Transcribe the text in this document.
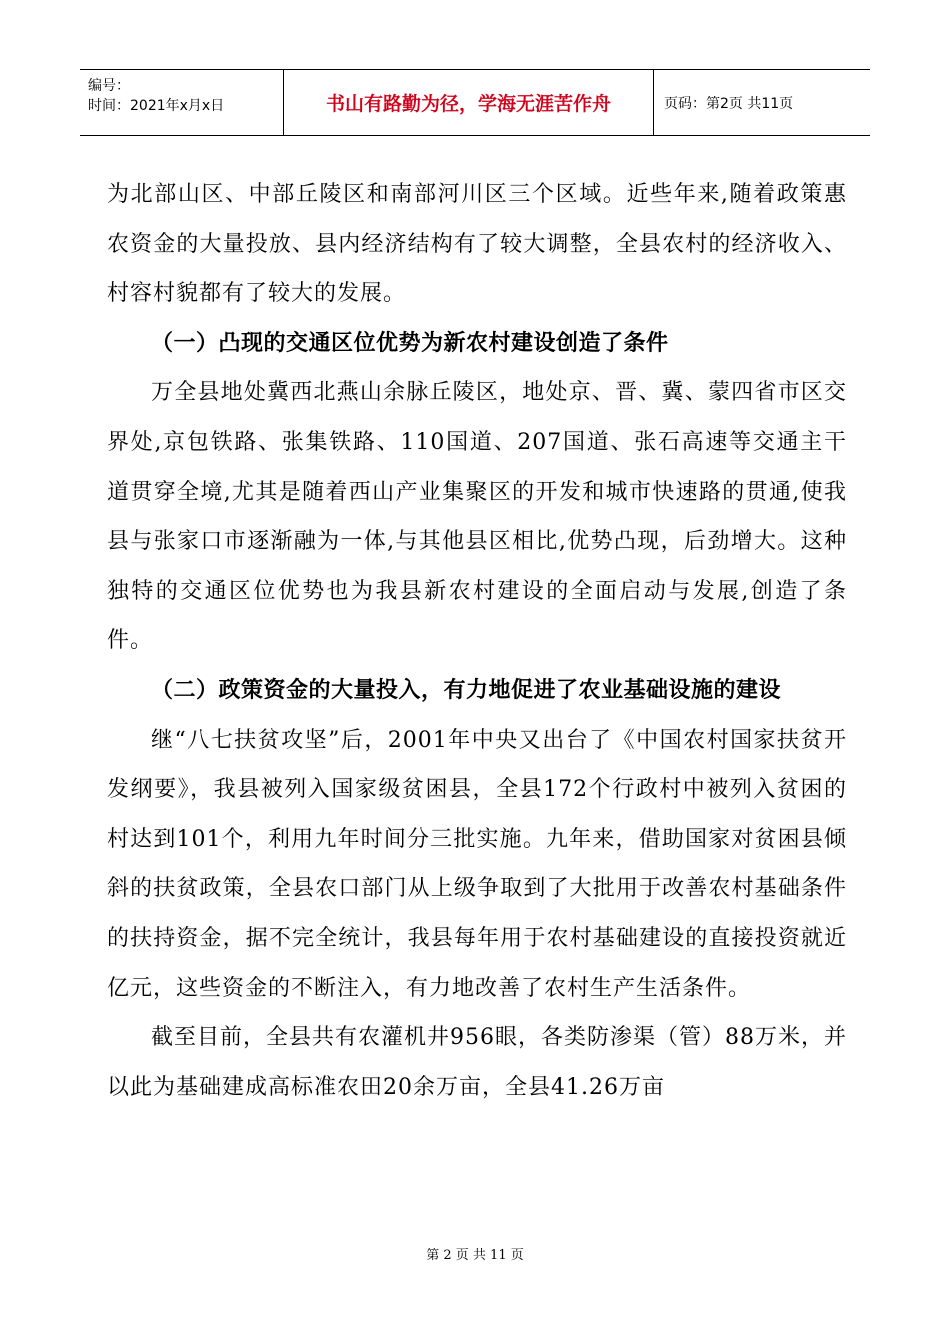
编号：
时间：2021年x月x日	书山有路勤为径，学海无涯苦作舟	页码：第2页 共11页

为北部山区、中部丘陵区和南部河川区三个区域。近些年来,随着政策惠农资金的大量投放、县内经济结构有了较大调整，全县农村的经济收入、村容村貌都有了较大的发展。

（一）凸现的交通区位优势为新农村建设创造了条件

万全县地处冀西北燕山余脉丘陵区，地处京、晋、冀、蒙四省市区交界处,京包铁路、张集铁路、110国道、207国道、张石高速等交通主干道贯穿全境,尤其是随着西山产业集聚区的开发和城市快速路的贯通,使我县与张家口市逐渐融为一体,与其他县区相比,优势凸现，后劲增大。这种独特的交通区位优势也为我县新农村建设的全面启动与发展,创造了条件。

（二）政策资金的大量投入，有力地促进了农业基础设施的建设

继“八七扶贫攻坚”后，2001年中央又出台了《中国农村国家扶贫开发纲要》，我县被列入国家级贫困县，全县172个行政村中被列入贫困的村达到101个，利用九年时间分三批实施。九年来，借助国家对贫困县倾斜的扶贫政策，全县农口部门从上级争取到了大批用于改善农村基础条件的扶持资金，据不完全统计，我县每年用于农村基础建设的直接投资就近亿元，这些资金的不断注入，有力地改善了农村生产生活条件。

截至目前，全县共有农灌机井956眼，各类防渗渠（管）88万米，并以此为基础建成高标准农田20余万亩，全县41.26万亩

第 2 页 共 11 页
